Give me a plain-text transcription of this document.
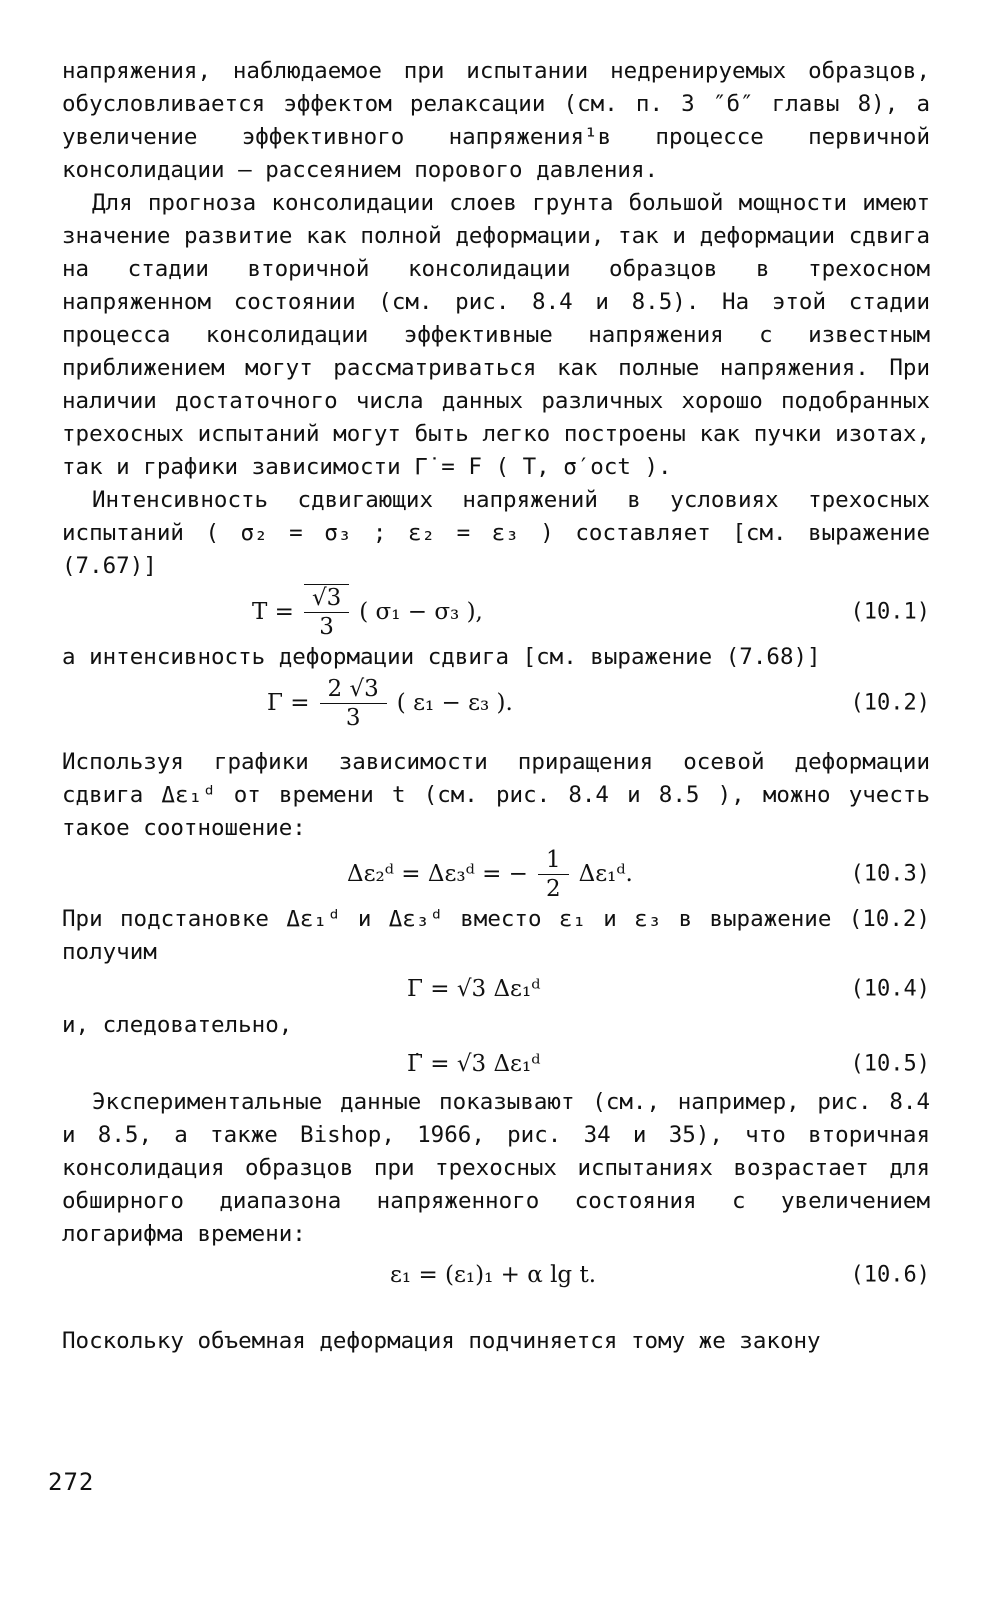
напряжения, наблюдаемое при испытании недренируемых образцов, обусловливается эффектом релаксации (см. п. 3 ″б″ главы 8), а увеличение эффективного напряжения¹в процессе первичной консолидации – рассеянием порового давления.

Для прогноза консолидации слоев грунта большой мощности имеют значение развитие как полной деформации, так и деформации сдвига на стадии вторичной консолидации образцов в трехосном напряженном состоянии (см. рис. 8.4 и 8.5). На этой стадии процесса консолидации эффективные напряжения с известным приближением могут рассматриваться как полные напряжения. При наличии достаточного числа данных различных хорошо подобранных трехосных испытаний могут быть легко построены как пучки изотах, так и графики зависимости Γ̇ = F ( T, σ′oct ).

Интенсивность сдвигающих напряжений в условиях трехосных испытаний ( σ₂ = σ₃ ; ε₂ = ε₃ ) составляет [см. выражение (7.67)]

$T = \frac{√3}{3}$ ( σ₁ − σ₃ ),	(10.1)

а интенсивность деформации сдвига [см. выражение (7.68)]

$\Gamma = \frac{2 √3}{3}$ ( ε₁ − ε₃ ).	(10.2)

Используя графики зависимости приращения осевой деформации сдвига Δε₁ᵈ от времени t (см. рис. 8.4 и 8.5 ), можно учесть такое соотношение:

Δε₂ᵈ = Δε₃ᵈ = − $\frac{1}{2}$ Δε₁ᵈ.	(10.3)

При подстановке Δε₁ᵈ и Δε₃ᵈ вместо ε₁ и ε₃ в выражение (10.2) получим

Γ = √3 Δε₁ᵈ	(10.4)

и, следовательно,

Γ̇ = √3 Δε₁ᵈ	(10.5)

Экспериментальные данные показывают (см., например, рис. 8.4 и 8.5, а также Bishop, 1966, рис. 34 и 35), что вторичная консолидация образцов при трехосных испытаниях возрастает для обширного диапазона напряженного состояния с увеличением логарифма времени:

ε₁ = (ε₁)₁ + α lg t.	(10.6)

Поскольку объемная деформация подчиняется тому же закону

272
